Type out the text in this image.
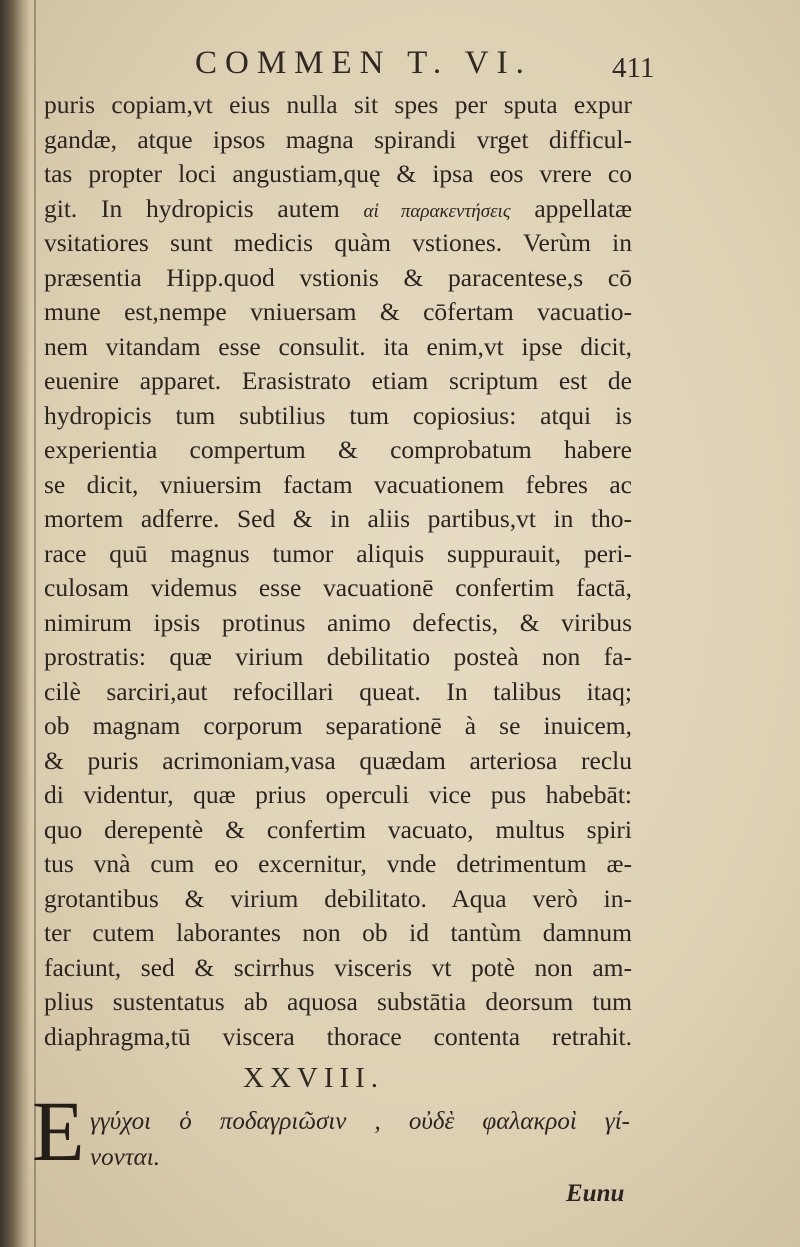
COMMEN T. VI.	411
puris copiam,vt eius nulla sit spes per sputa expur
gandæ, atque ipsos magna spirandi vrget difficul-
tas propter loci angustiam,quę & ipsa eos vrere co
git. In hydropicis autem αἱ παρακεντήσεις appellatæ
vsitatiores sunt medicis quàm vstiones. Verùm in
præsentia Hipp.quod vstionis & paracentese,s cō
mune est,nempe vniuersam & cōfertam vacuatio-
nem vitandam esse consulit. ita enim,vt ipse dicit,
euenire apparet. Erasistrato etiam scriptum est de
hydropicis tum subtilius tum copiosius: atqui is
experientia compertum & comprobatum habere
se dicit, vniuersim factam vacuationem febres ac
mortem adferre. Sed & in aliis partibus,vt in tho-
race quū magnus tumor aliquis suppurauit, peri-
culosam videmus esse vacuationē confertim factā,
nimirum ipsis protinus animo defectis, & viribus
prostratis: quæ virium debilitatio posteà non fa-
cilè sarciri,aut refocillari queat. In talibus itaq;
ob magnam corporum separationē à se inuicem,
& puris acrimoniam,vasa quædam arteriosa reclu
di videntur, quæ prius operculi vice pus habebāt:
quo derepentè & confertim vacuato, multus spiri
tus vnà cum eo excernitur, vnde detrimentum æ-
grotantibus & virium debilitato. Aqua verò in-
ter cutem laborantes non ob id tantùm damnum
faciunt, sed & scirrhus visceris vt potè non am-
plius sustentatus ab aquosa substātia deorsum tum
diaphragma,tū viscera thorace contenta retrahit.
XXVIII.
E γγύχοι ὁ ποδαγριῶσιν , οὐδὲ φαλακροὶ γί-
νονται.
Eunu
